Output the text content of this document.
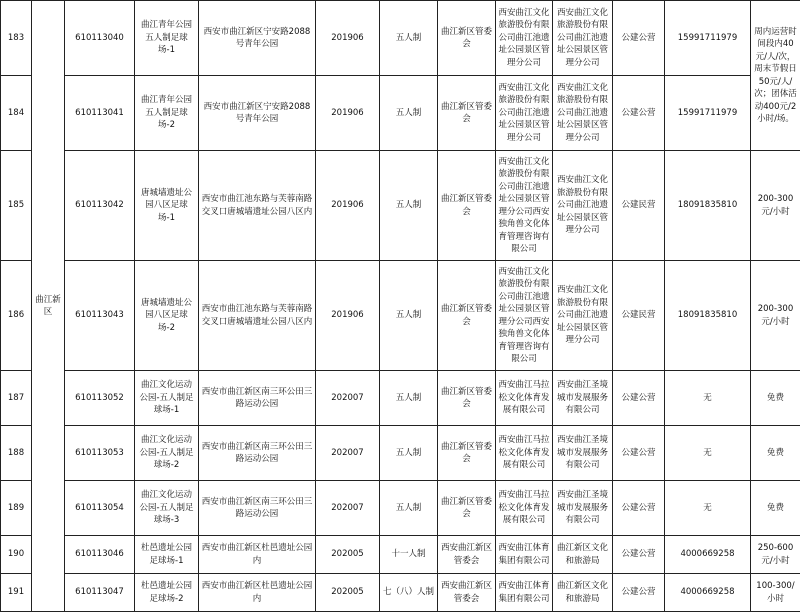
183	曲江新区	610113040	曲江青年公园五人制足球场-1	西安市曲江新区宁安路2088号青年公园	201906	五人制	曲江新区管委会	西安曲江文化旅游股份有限公司曲江池遗址公园景区管理分公司	西安曲江文化旅游股份有限公司曲江池遗址公园景区管理分公司	公建公营	15991711979	周内运营时间段内40元/人/次，周末节假日50元/人/次；团体活动400元/2小时/场。
184		610113041	曲江青年公园五人制足球场-2	西安市曲江新区宁安路2088号青年公园	201906	五人制	曲江新区管委会	西安曲江文化旅游股份有限公司曲江池遗址公园景区管理分公司	西安曲江文化旅游股份有限公司曲江池遗址公园景区管理分公司	公建公营	15991711979	
185		610113042	唐城墙遗址公园八区足球场-1	西安市曲江池东路与芙蓉南路交叉口唐城墙遗址公园八区内	201906	五人制	曲江新区管委会	西安曲江文化旅游股份有限公司曲江池遗址公园景区管理分公司西安独角兽文化体育管理咨询有限公司	西安曲江文化旅游股份有限公司曲江池遗址公园景区管理分公司	公建民营	18091835810	200-300元/小时
186		610113043	唐城墙遗址公园八区足球场-2	西安市曲江池东路与芙蓉南路交叉口唐城墙遗址公园八区内	201906	五人制	曲江新区管委会	西安曲江文化旅游股份有限公司曲江池遗址公园景区管理分公司西安独角兽文化体育管理咨询有限公司	西安曲江文化旅游股份有限公司曲江池遗址公园景区管理分公司	公建民营	18091835810	200-300元/小时
187		610113052	曲江文化运动公园-五人制足球场-1	西安市曲江新区南三环公田三路运动公园	202007	五人制	曲江新区管委会	西安曲江马拉松文化体育发展有限公司	西安曲江圣境城市发展服务有限公司	公建公营	无	免费
188		610113053	曲江文化运动公园-五人制足球场-2	西安市曲江新区南三环公田三路运动公园	202007	五人制	曲江新区管委会	西安曲江马拉松文化体育发展有限公司	西安曲江圣境城市发展服务有限公司	公建公营	无	免费
189		610113054	曲江文化运动公园-五人制足球场-3	西安市曲江新区南三环公田三路运动公园	202007	五人制	曲江新区管委会	西安曲江马拉松文化体育发展有限公司	西安曲江圣境城市发展服务有限公司	公建公营	无	免费
190		610113046	杜邑遗址公园足球场-1	西安市曲江新区杜邑遗址公园内	202005	十一人制	西安曲江新区管委会	西安曲江体育集团有限公司	曲江新区文化和旅游局	公建公营	4000669258	250-600元/小时
191		610113047	杜邑遗址公园足球场-2	西安市曲江新区杜邑遗址公园内	202005	七（八）人制	西安曲江新区管委会	西安曲江体育集团有限公司	曲江新区文化和旅游局	公建公营	4000669258	100-300/小时
